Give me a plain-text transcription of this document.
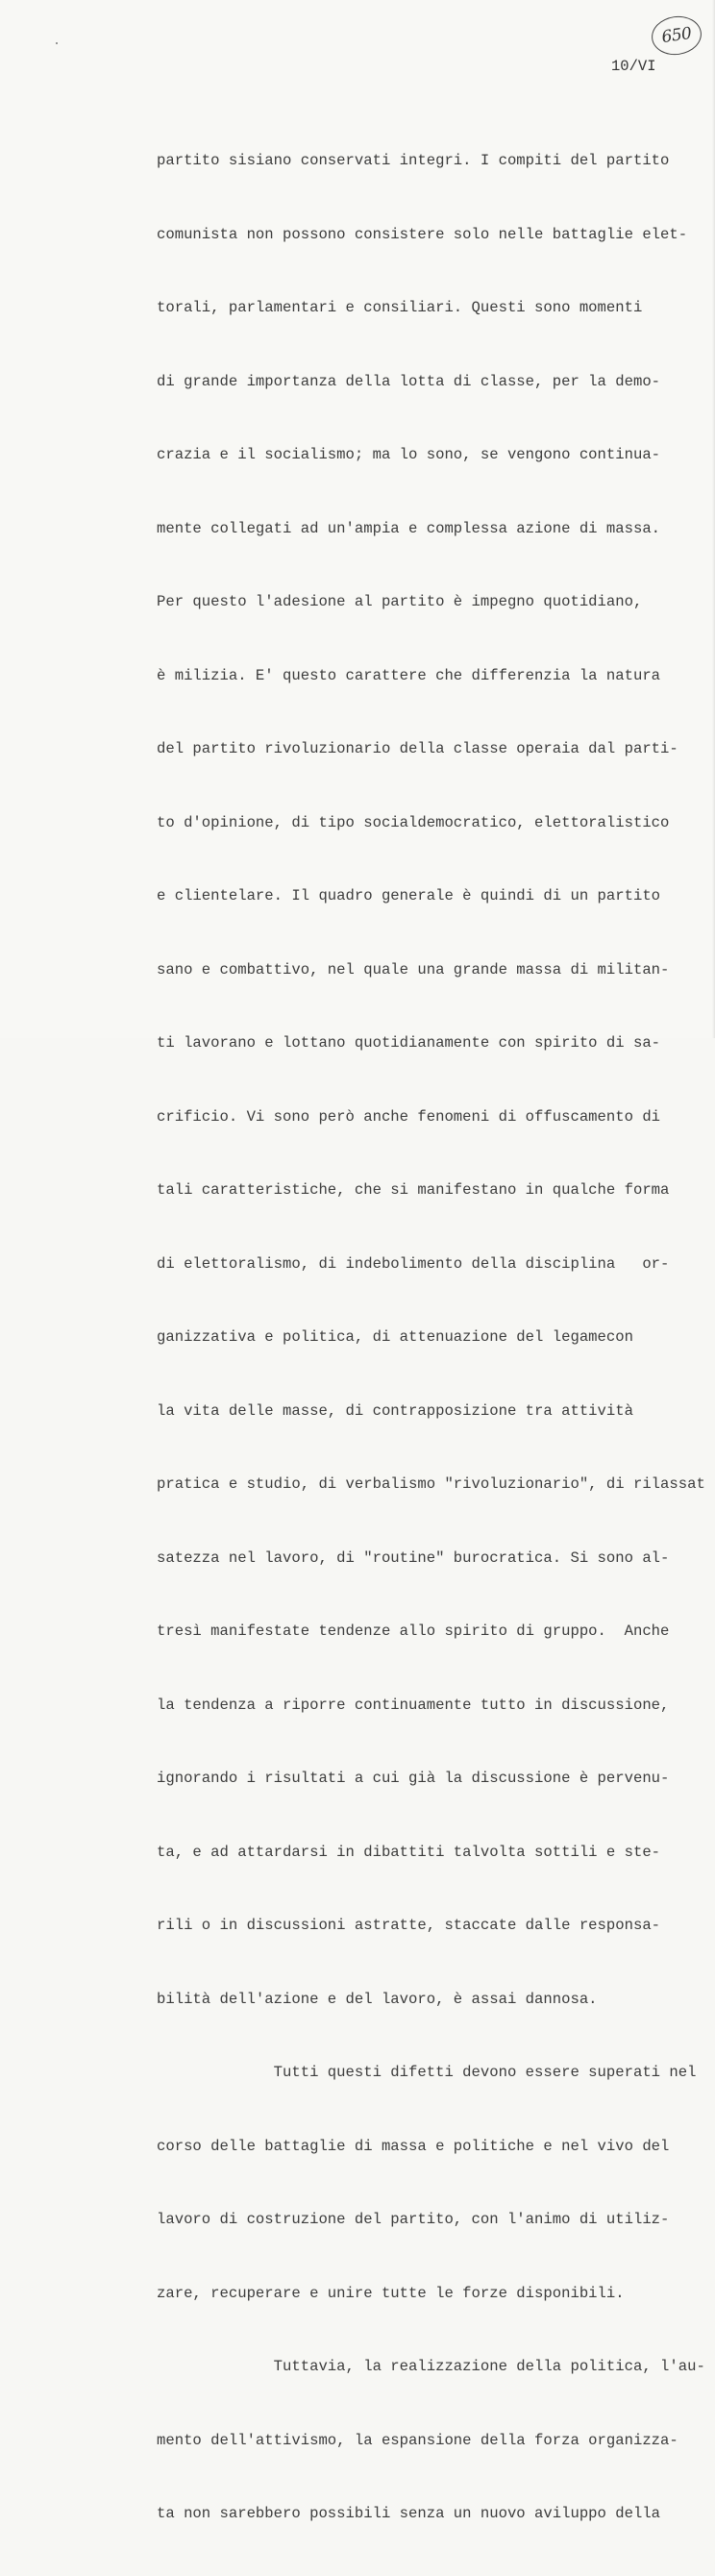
650
10/VI

partito sisiano conservati integri. I compiti del partito

comunista non possono consistere solo nelle battaglie elet-

torali, parlamentari e consiliari. Questi sono momenti

di grande importanza della lotta di classe, per la demo-

crazia e il socialismo; ma lo sono, se vengono continua-

mente collegati ad un'ampia e complessa azione di massa.

Per questo l'adesione al partito è impegno quotidiano,

è milizia. E' questo carattere che differenzia la natura

del partito rivoluzionario della classe operaia dal parti-

to d'opinione, di tipo socialdemocratico, elettoralistico

e clientelare. Il quadro generale è quindi di un partito

sano e combattivo, nel quale una grande massa di militan-

ti lavorano e lottano quotidianamente con spirito di sa-

crificio. Vi sono però anche fenomeni di offuscamento di

tali caratteristiche, che si manifestano in qualche forma

di elettoralismo, di indebolimento della disciplina   or-

ganizzativa e politica, di attenuazione del legamecon

la vita delle masse, di contrapposizione tra attività

pratica e studio, di verbalismo "rivoluzionario", di rilassat

satezza nel lavoro, di "routine" burocratica. Si sono al-

tresì manifestate tendenze allo spirito di gruppo.  Anche

la tendenza a riporre continuamente tutto in discussione,

ignorando i risultati a cui già la discussione è pervenu-

ta, e ad attardarsi in dibattiti talvolta sottili e ste-

rili o in discussioni astratte, staccate dalle responsa-

bilità dell'azione e del lavoro, è assai dannosa.

Tutti questi difetti devono essere superati nel

corso delle battaglie di massa e politiche e nel vivo del

lavoro di costruzione del partito, con l'animo di utiliz-

zare, recuperare e unire tutte le forze disponibili.

Tuttavia, la realizzazione della politica, l'au-

mento dell'attivismo, la espansione della forza organizza-

ta non sarebbero possibili senza un nuovo aviluppo della
